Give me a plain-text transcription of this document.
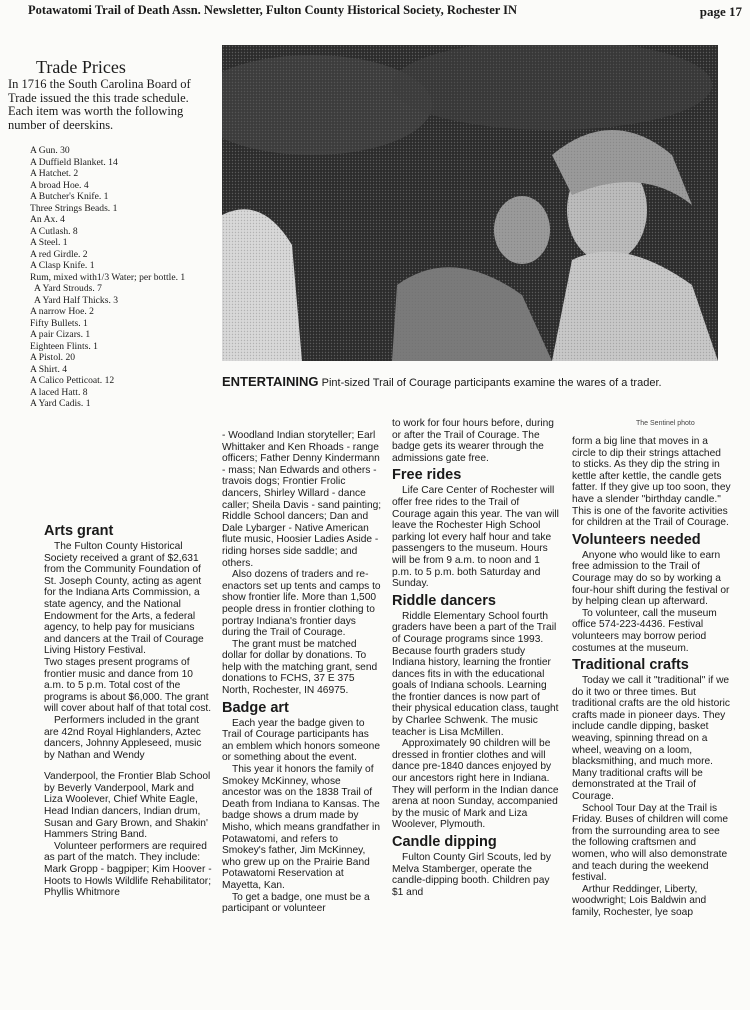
Potawatomi Trail of Death Assn. Newsletter, Fulton County Historical Society, Rochester IN	page 17
Trade Prices
In 1716 the South Carolina Board of Trade issued the this trade schedule. Each item was worth the following number of deerskins.
A Gun. 30
A Duffield Blanket. 14
A Hatchet. 2
A broad Hoe. 4
A Butcher's Knife. 1
Three Strings Beads. 1
An Ax. 4
A Cutlash. 8
A Steel. 1
A red Girdle. 2
A Clasp Knife. 1
Rum, mixed with1/3 Water; per bottle. 1
A Yard Strouds. 7
A Yard Half Thicks. 3
A narrow Hoe. 2
Fifty Bullets. 1
A pair Cizars. 1
Eighteen Flints. 1
A Pistol. 20
A Shirt. 4
A Calico Petticoat. 12
A laced Hatt. 8
A Yard Cadis. 1
ENTERTAINING Pint-sized Trail of Courage participants examine the wares of a trader.
The Sentinel photo
Arts grant

The Fulton County Historical Society received a grant of $2,631 from the Community Foundation of St. Joseph County, acting as agent for the Indiana Arts Commission, a state agency, and the National Endowment for the Arts, a federal agency, to help pay for musicians and dancers at the Trail of Courage Living History Festival.

Two stages present programs of frontier music and dance from 10 a.m. to 5 p.m. Total cost of the programs is about $6,000. The grant will cover about half of that total cost.

Performers included in the grant are 42nd Royal Highlanders, Aztec dancers, Johnny Appleseed, music by Nathan and Wendy

Vanderpool, the Frontier Blab School by Beverly Vanderpool, Mark and Liza Woolever, Chief White Eagle, Head Indian dancers, Indian drum, Susan and Gary Brown, and Shakin' Hammers String Band.

Volunteer performers are required as part of the match. They include: Mark Gropp - bagpiper; Kim Hoover - Hoots to Howls Wildlife Rehabilitator; Phyllis Whitmore

- Woodland Indian storyteller; Earl Whittaker and Ken Rhoads - range officers; Father Denny Kindermann - mass; Nan Edwards and others - travois dogs; Frontier Frolic dancers, Shirley Willard - dance caller; Sheila Davis - sand painting; Riddle School dancers; Dan and Dale Lybarger - Native American flute music, Hoosier Ladies Aside - riding horses side saddle; and others.

Also dozens of traders and re-enactors set up tents and camps to show frontier life. More than 1,500 people dress in frontier clothing to portray Indiana's frontier days during the Trail of Courage.

The grant must be matched dollar for dollar by donations. To help with the matching grant, send donations to FCHS, 37 E 375 North, Rochester, IN 46975.

Badge art

Each year the badge given to Trail of Courage participants has an emblem which honors someone or something about the event.

This year it honors the family of Smokey McKinney, whose ancestor was on the 1838 Trail of Death from Indiana to Kansas. The badge shows a drum made by Misho, which means grandfather in Potawatomi, and refers to Smokey's father, Jim McKinney, who grew up on the Prairie Band Potawatomi Reservation at Mayetta, Kan.

To get a badge, one must be a participant or volunteer

to work for four hours before, during or after the Trail of Courage. The badge gets its wearer through the admissions gate free.

Free rides

Life Care Center of Rochester will offer free rides to the Trail of Courage again this year. The van will leave the Rochester High School parking lot every half hour and take passengers to the museum. Hours will be from 9 a.m. to noon and 1 p.m. to 5 p.m. both Saturday and Sunday.

Riddle dancers

Riddle Elementary School fourth graders have been a part of the Trail of Courage programs since 1993. Because fourth graders study Indiana history, learning the frontier dances fits in with the educational goals of Indiana schools. Learning the frontier dances is now part of their physical education class, taught by Charlee Schwenk. The music teacher is Lisa McMillen.

Approximately 90 children will be dressed in frontier clothes and will dance pre-1840 dances enjoyed by our ancestors right here in Indiana. They will perform in the Indian dance arena at noon Sunday, accompanied by the music of Mark and Liza Woolever, Plymouth.

Candle dipping

Fulton County Girl Scouts, led by Melva Stamberger, operate the candle-dipping booth. Children pay $1 and

form a big line that moves in a circle to dip their strings attached to sticks. As they dip the string in kettle after kettle, the candle gets fatter. If they give up too soon, they have a slender "birthday candle." This is one of the favorite activities for children at the Trail of Courage.

Volunteers needed

Anyone who would like to earn free admission to the Trail of Courage may do so by working a four-hour shift during the festival or by helping clean up afterward.

To volunteer, call the museum office 574-223-4436. Festival volunteers may borrow period costumes at the museum.

Traditional crafts

Today we call it "traditional" if we do it two or three times. But traditional crafts are the old historic crafts made in pioneer days. They include candle dipping, basket weaving, spinning thread on a wheel, weaving on a loom, blacksmithing, and much more. Many traditional crafts will be demonstrated at the Trail of Courage.

School Tour Day at the Trail is Friday. Buses of children will come from the surrounding area to see the following craftsmen and women, who will also demonstrate and teach during the weekend festival.

Arthur Reddinger, Liberty, woodwright; Lois Baldwin and family, Rochester, lye soap
